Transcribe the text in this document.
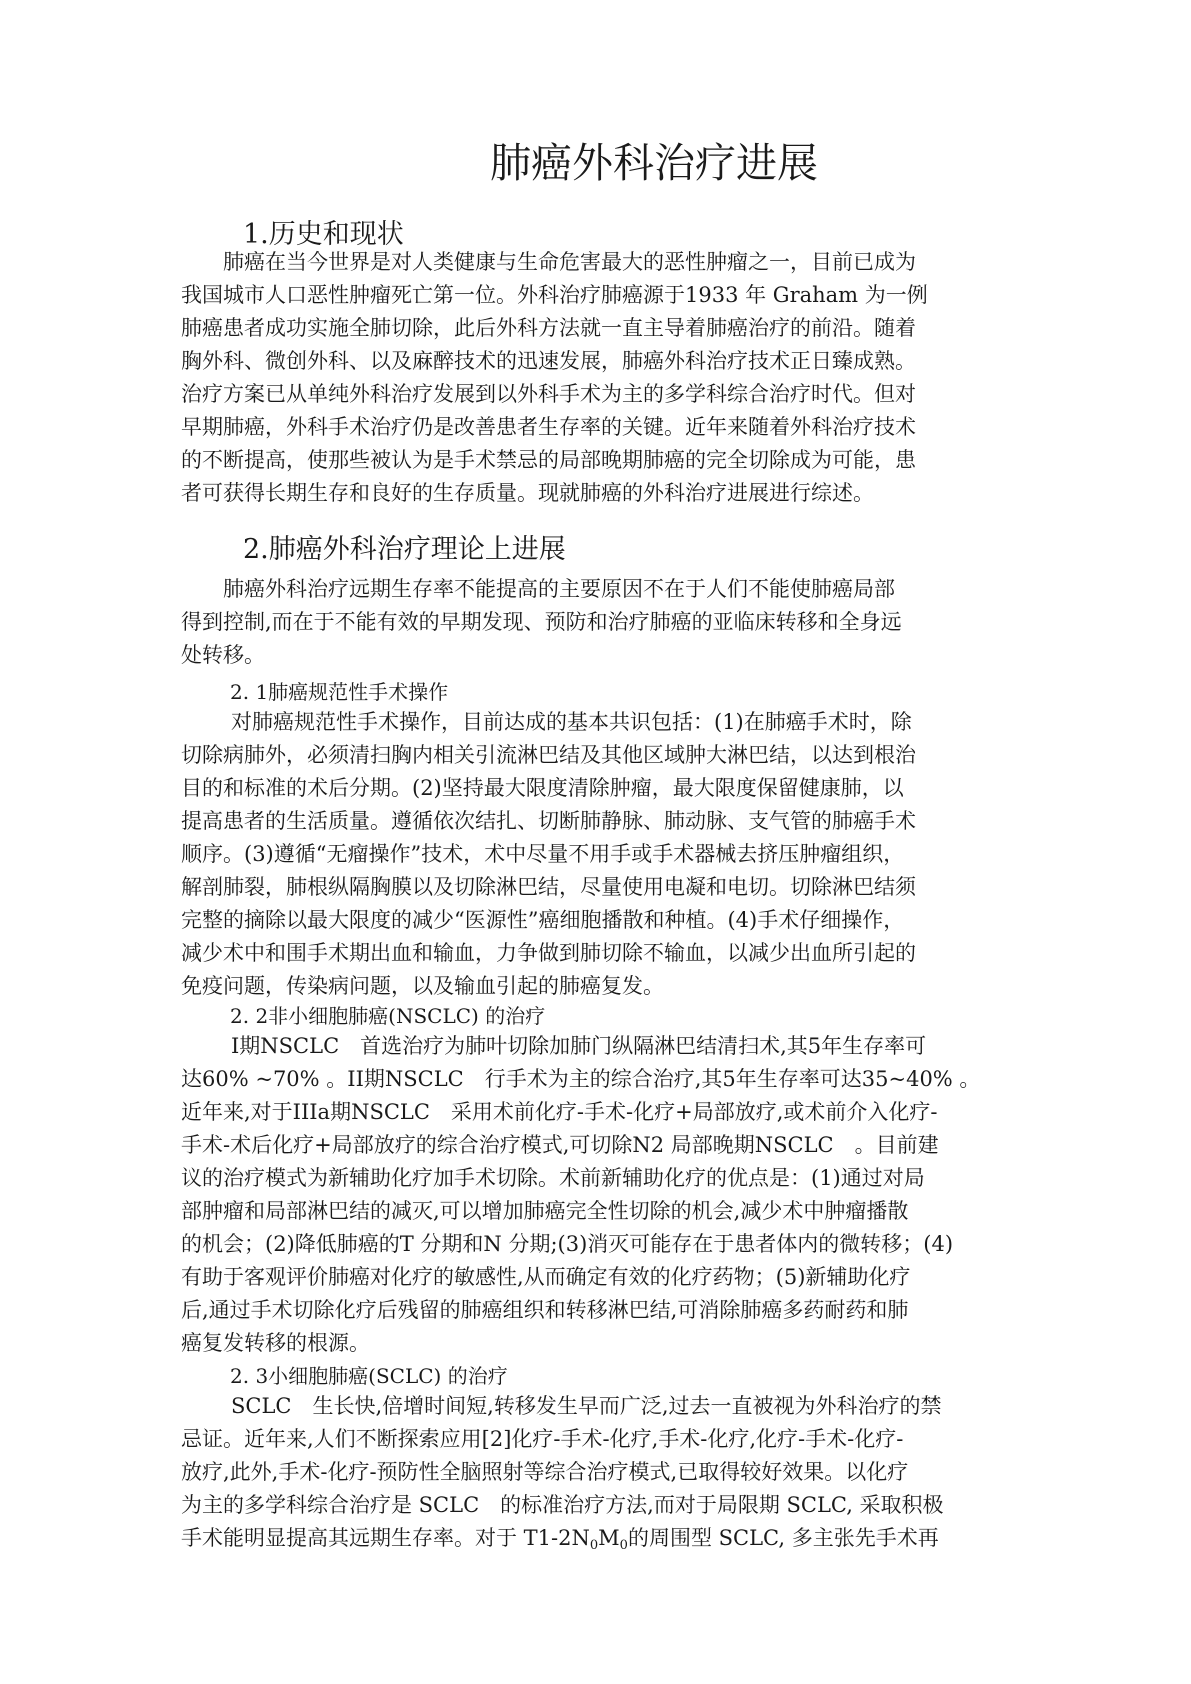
肺癌外科治疗进展
1.历史和现状
肺癌在当今世界是对人类健康与生命危害最大的恶性肿瘤之一，目前已成为
我国城市人口恶性肿瘤死亡第一位。外科治疗肺癌源于1933 年 Graham 为一例
肺癌患者成功实施全肺切除，此后外科方法就一直主导着肺癌治疗的前沿。随着
胸外科、微创外科、以及麻醉技术的迅速发展，肺癌外科治疗技术正日臻成熟。
治疗方案已从单纯外科治疗发展到以外科手术为主的多学科综合治疗时代。但对
早期肺癌，外科手术治疗仍是改善患者生存率的关键。近年来随着外科治疗技术
的不断提高，使那些被认为是手术禁忌的局部晚期肺癌的完全切除成为可能，患
者可获得长期生存和良好的生存质量。现就肺癌的外科治疗进展进行综述。
2.肺癌外科治疗理论上进展
肺癌外科治疗远期生存率不能提高的主要原因不在于人们不能使肺癌局部
得到控制,而在于不能有效的早期发现、预防和治疗肺癌的亚临床转移和全身远
处转移。
2. 1肺癌规范性手术操作
对肺癌规范性手术操作，目前达成的基本共识包括：(1)在肺癌手术时，除
切除病肺外，必须清扫胸内相关引流淋巴结及其他区域肿大淋巴结，以达到根治
目的和标准的术后分期。(2)坚持最大限度清除肿瘤，最大限度保留健康肺，以
提高患者的生活质量。遵循依次结扎、切断肺静脉、肺动脉、支气管的肺癌手术
顺序。(3)遵循“无瘤操作”技术，术中尽量不用手或手术器械去挤压肿瘤组织，
解剖肺裂，肺根纵隔胸膜以及切除淋巴结，尽量使用电凝和电切。切除淋巴结须
完整的摘除以最大限度的减少“医源性”癌细胞播散和种植。(4)手术仔细操作，
减少术中和围手术期出血和输血，力争做到肺切除不输血，以减少出血所引起的
免疫问题，传染病问题，以及输血引起的肺癌复发。
2. 2非小细胞肺癌(NSCLC) 的治疗
I期NSCLC　首选治疗为肺叶切除加肺门纵隔淋巴结清扫术,其5年生存率可
达60% ~70% 。II期NSCLC　行手术为主的综合治疗,其5年生存率可达35~40% 。
近年来,对于IIIa期NSCLC　采用术前化疗-手术-化疗+局部放疗,或术前介入化疗-
手术-术后化疗+局部放疗的综合治疗模式,可切除N2 局部晚期NSCLC　。目前建
议的治疗模式为新辅助化疗加手术切除。术前新辅助化疗的优点是：(1)通过对局
部肿瘤和局部淋巴结的减灭,可以增加肺癌完全性切除的机会,减少术中肿瘤播散
的机会；(2)降低肺癌的T 分期和N 分期;(3)消灭可能存在于患者体内的微转移；(4)
有助于客观评价肺癌对化疗的敏感性,从而确定有效的化疗药物；(5)新辅助化疗
后,通过手术切除化疗后残留的肺癌组织和转移淋巴结,可消除肺癌多药耐药和肺
癌复发转移的根源。
2. 3小细胞肺癌(SCLC) 的治疗
SCLC　生长快,倍增时间短,转移发生早而广泛,过去一直被视为外科治疗的禁
忌证。近年来,人们不断探索应用[2]化疗-手术-化疗,手术-化疗,化疗-手术-化疗-
放疗,此外,手术-化疗-预防性全脑照射等综合治疗模式,已取得较好效果。以化疗
为主的多学科综合治疗是 SCLC　的标准治疗方法,而对于局限期 SCLC, 采取积极
手术能明显提高其远期生存率。对于 $T1-2N_0M_0$的周围型 SCLC, 多主张先手术再
